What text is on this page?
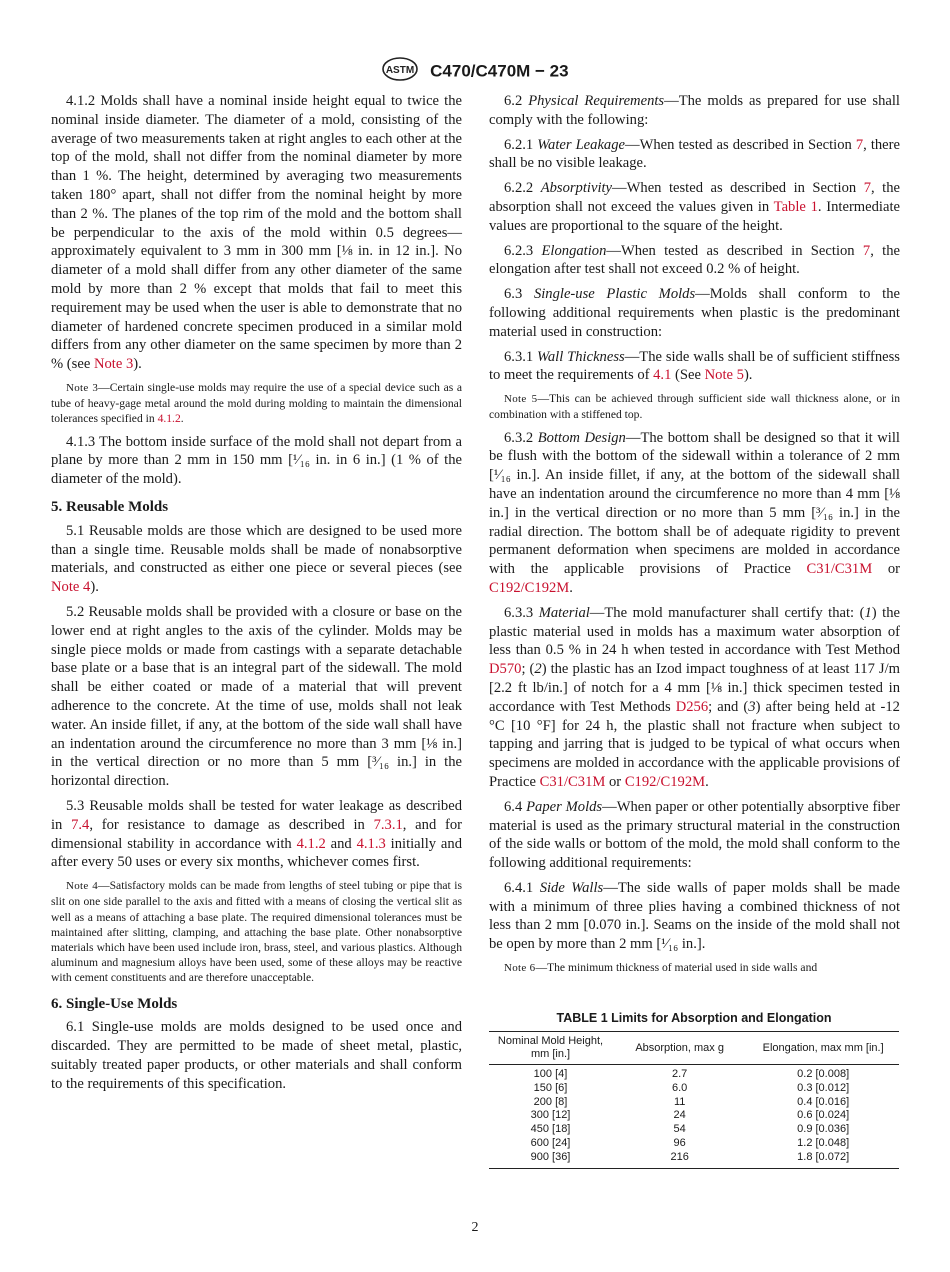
ASTM C470/C470M − 23

4.1.2 Molds shall have a nominal inside height equal to twice the nominal inside diameter. The diameter of a mold, consisting of the average of two measurements taken at right angles to each other at the top of the mold, shall not differ from the nominal diameter by more than 1 %. The height, determined by averaging two measurements taken 180° apart, shall not differ from the nominal height by more than 2 %. The planes of the top rim of the mold and the bottom shall be perpendicular to the axis of the mold within 0.5 degrees—approximately equivalent to 3 mm in 300 mm [⅛ in. in 12 in.]. No diameter of a mold shall differ from any other diameter of the same mold by more than 2 % except that molds that fail to meet this requirement may be used when the user is able to demonstrate that no diameter of hardened concrete specimen produced in a similar mold differs from any other diameter on the same specimen by more than 2 % (see Note 3).

Note 3—Certain single-use molds may require the use of a special device such as a tube of heavy-gage metal around the mold during molding to maintain the dimensional tolerances specified in 4.1.2.

4.1.3 The bottom inside surface of the mold shall not depart from a plane by more than 2 mm in 150 mm [¹⁄₁₆ in. in 6 in.] (1 % of the diameter of the mold).

5. Reusable Molds

5.1 Reusable molds are those which are designed to be used more than a single time. Reusable molds shall be made of nonabsorptive materials, and constructed as either one piece or several pieces (see Note 4).

5.2 Reusable molds shall be provided with a closure or base on the lower end at right angles to the axis of the cylinder. Molds may be single piece molds or made from castings with a separate detachable base plate or a base that is an integral part of the sidewall. The mold shall be either coated or made of a material that will prevent adherence to the concrete. At the time of use, molds shall not leak water. An inside fillet, if any, at the bottom of the side wall shall have an indentation around the circumference no more than 3 mm [⅛ in.] in the vertical direction or no more than 5 mm [³⁄₁₆ in.] in the horizontal direction.

5.3 Reusable molds shall be tested for water leakage as described in 7.4, for resistance to damage as described in 7.3.1, and for dimensional stability in accordance with 4.1.2 and 4.1.3 initially and after every 50 uses or every six months, whichever comes first.

Note 4—Satisfactory molds can be made from lengths of steel tubing or pipe that is slit on one side parallel to the axis and fitted with a means of closing the vertical slit as well as a means of attaching a base plate. The required dimensional tolerances must be maintained after slitting, clamping, and attaching the base plate. Other nonabsorptive materials which have been used include iron, brass, steel, and various plastics. Although aluminum and magnesium alloys have been used, some of these alloys may be reactive with cement constituents and are therefore unacceptable.

6. Single-Use Molds

6.1 Single-use molds are molds designed to be used once and discarded. They are permitted to be made of sheet metal, plastic, suitably treated paper products, or other materials and shall conform to the requirements of this specification.

6.2 Physical Requirements—The molds as prepared for use shall comply with the following:

6.2.1 Water Leakage—When tested as described in Section 7, there shall be no visible leakage.

6.2.2 Absorptivity—When tested as described in Section 7, the absorption shall not exceed the values given in Table 1. Intermediate values are proportional to the square of the height.

6.2.3 Elongation—When tested as described in Section 7, the elongation after test shall not exceed 0.2 % of height.

6.3 Single-use Plastic Molds—Molds shall conform to the following additional requirements when plastic is the predominant material used in construction:

6.3.1 Wall Thickness—The side walls shall be of sufficient stiffness to meet the requirements of 4.1 (See Note 5).

Note 5—This can be achieved through sufficient side wall thickness alone, or in combination with a stiffened top.

6.3.2 Bottom Design—The bottom shall be designed so that it will be flush with the bottom of the sidewall within a tolerance of 2 mm [¹⁄₁₆ in.]. An inside fillet, if any, at the bottom of the sidewall shall have an indentation around the circumference no more than 4 mm [⅛ in.] in the vertical direction or no more than 5 mm [³⁄₁₆ in.] in the radial direction. The bottom shall be of adequate rigidity to prevent permanent deformation when specimens are molded in accordance with the applicable provisions of Practice C31/C31M or C192/C192M.

6.3.3 Material—The mold manufacturer shall certify that: (1) the plastic material used in molds has a maximum water absorption of less than 0.5 % in 24 h when tested in accordance with Test Method D570; (2) the plastic has an Izod impact toughness of at least 117 J/m [2.2 ft lb/in.] of notch for a 4 mm [⅛ in.] thick specimen tested in accordance with Test Methods D256; and (3) after being held at -12 °C [10 °F] for 24 h, the plastic shall not fracture when subject to tapping and jarring that is judged to be typical of what occurs when specimens are molded in accordance with the applicable provisions of Practice C31/C31M or C192/C192M.

6.4 Paper Molds—When paper or other potentially absorptive fiber material is used as the primary structural material in the construction of the side walls or bottom of the mold, the mold shall conform to the following additional requirements:

6.4.1 Side Walls—The side walls of paper molds shall be made with a minimum of three plies having a combined thickness of not less than 2 mm [0.070 in.]. Seams on the inside of the mold shall not be open by more than 2 mm [¹⁄₁₆ in.].

Note 6—The minimum thickness of material used in side walls and

TABLE 1 Limits for Absorption and Elongation
Nominal Mold Height, mm [in.]	Absorption, max g	Elongation, max mm [in.]
100 [4]	2.7	0.2 [0.008]
150 [6]	6.0	0.3 [0.012]
200 [8]	11	0.4 [0.016]
300 [12]	24	0.6 [0.024]
450 [18]	54	0.9 [0.036]
600 [24]	96	1.2 [0.048]
900 [36]	216	1.8 [0.072]
2
